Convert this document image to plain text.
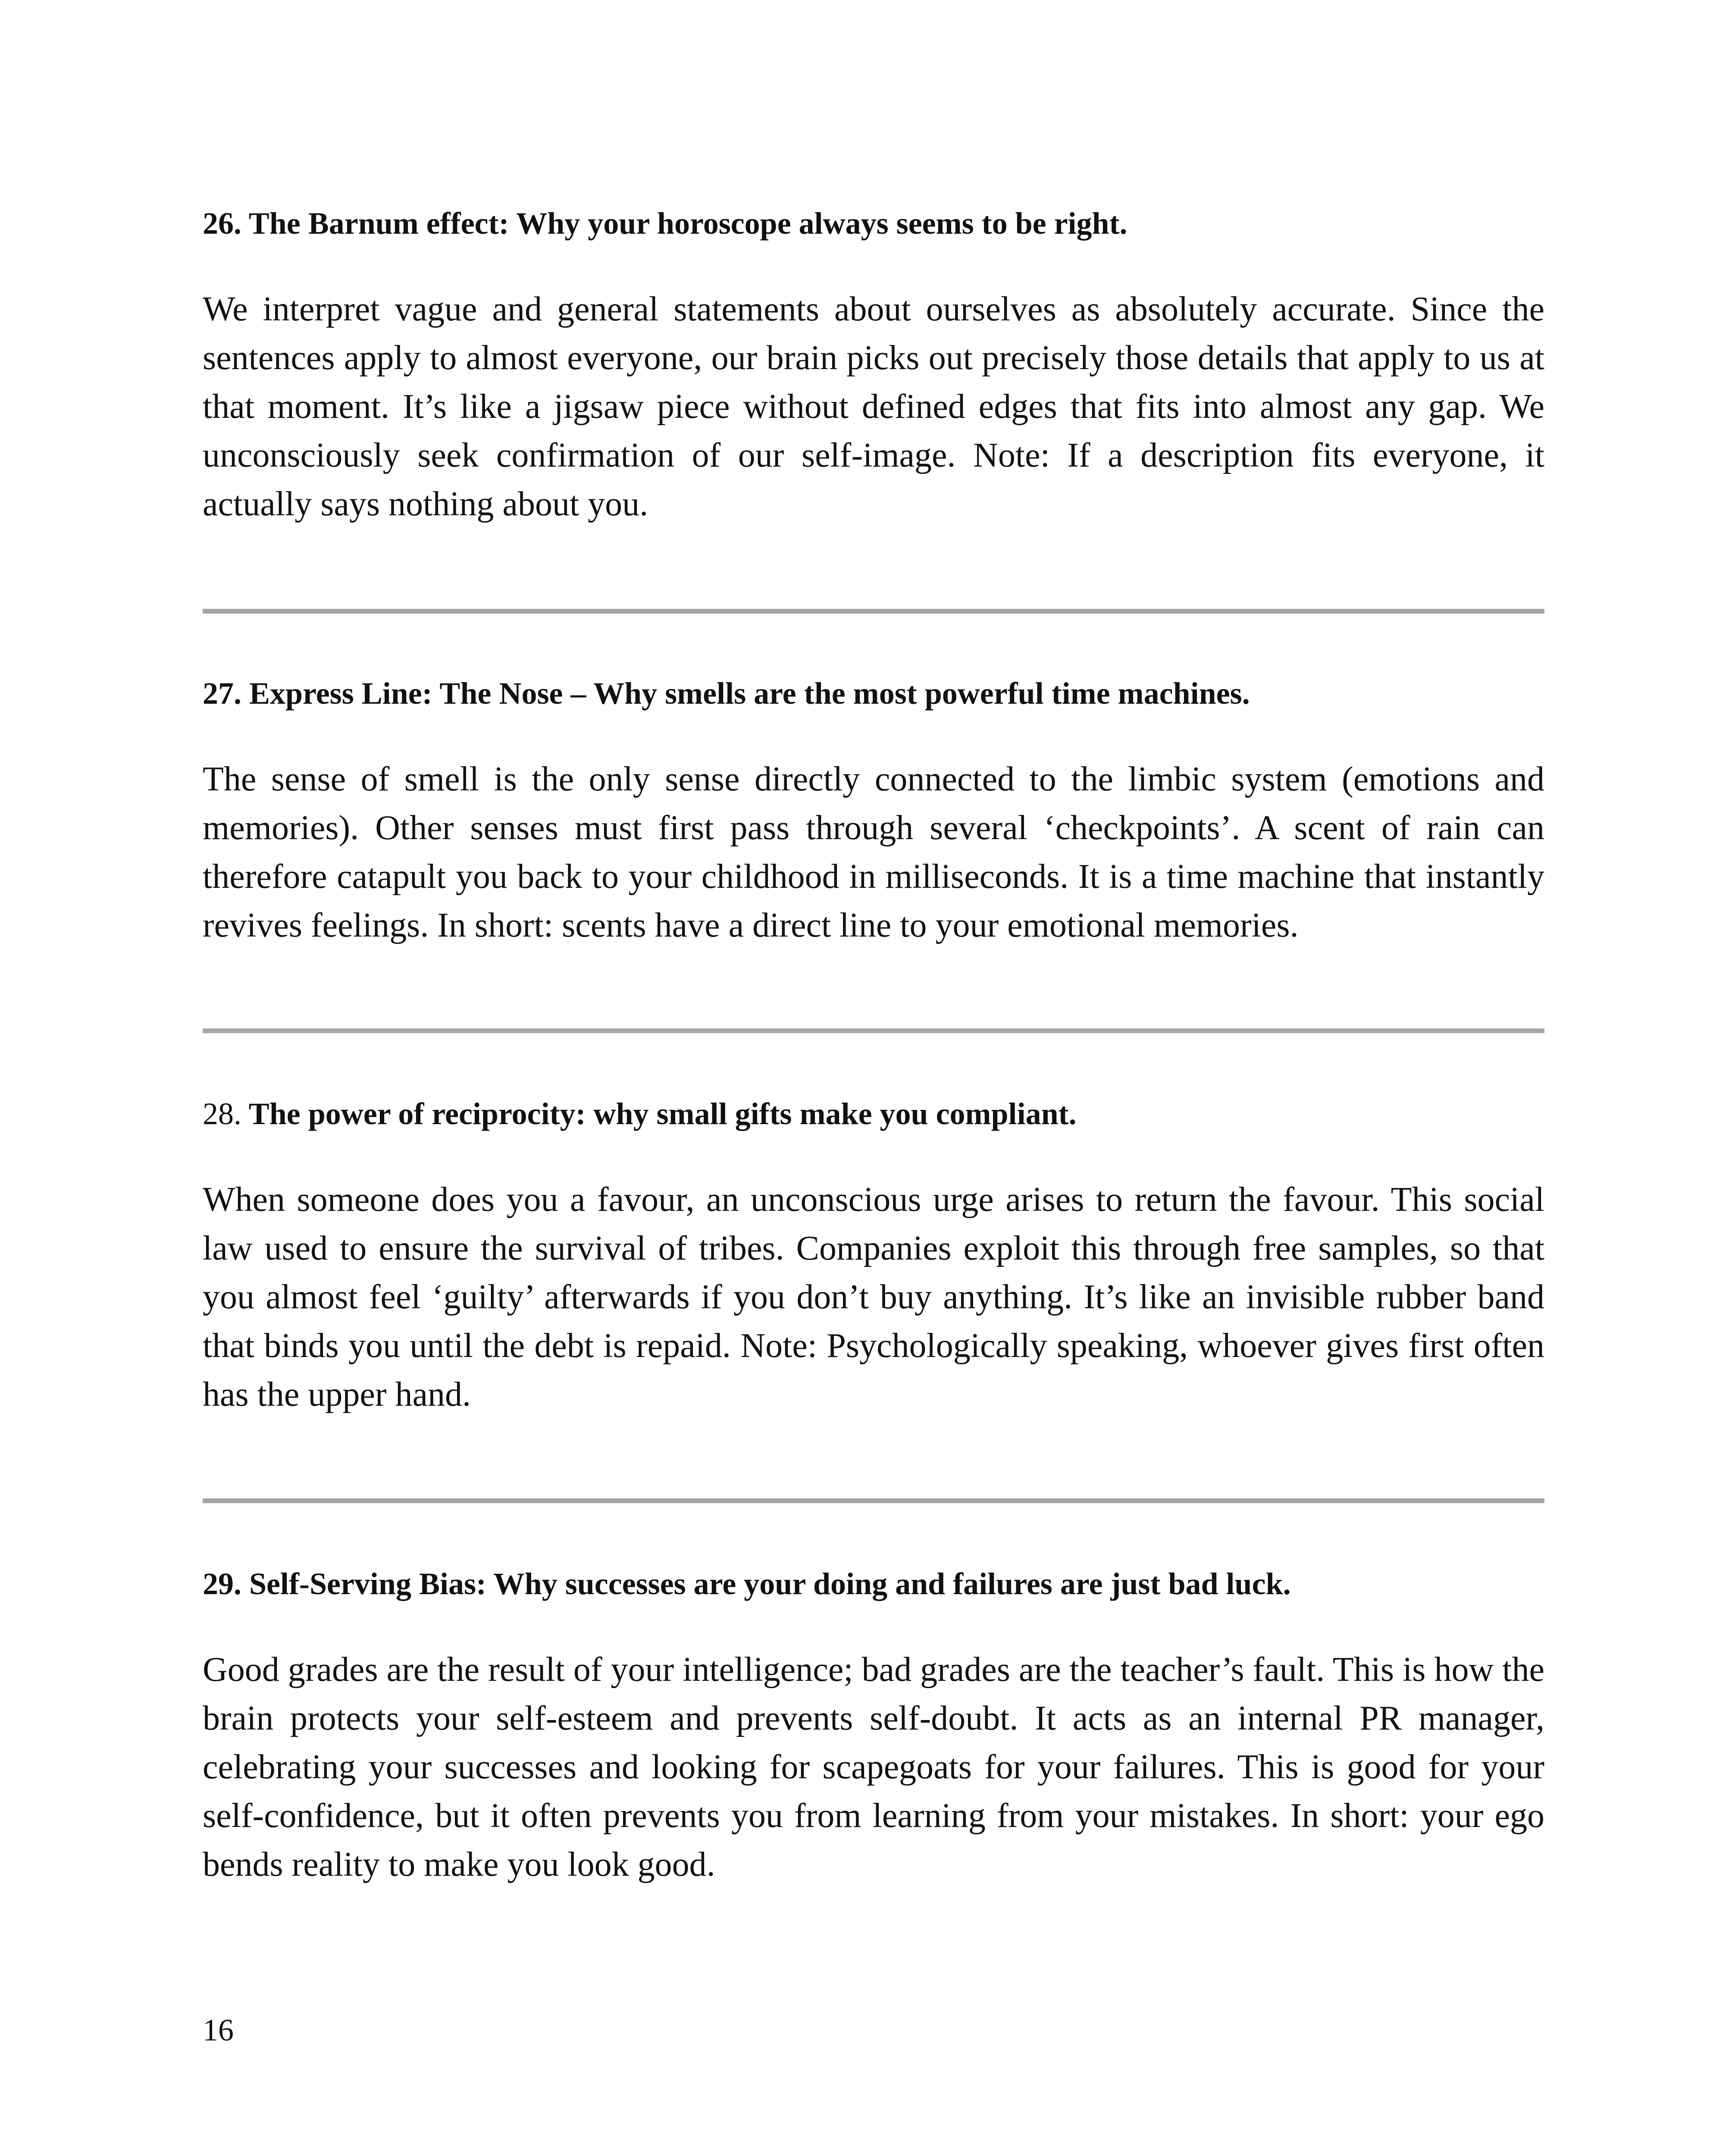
26. The Barnum effect: Why your horoscope always seems to be right.

We interpret vague and general statements about ourselves as absolutely accurate. Since the sentences apply to almost everyone, our brain picks out precisely those details that apply to us at that moment. It’s like a jigsaw piece without defined edges that fits into almost any gap. We unconsciously seek confirmation of our self-image. Note: If a description fits everyone, it actually says nothing about you.

27. Express Line: The Nose – Why smells are the most powerful time machines.

The sense of smell is the only sense directly connected to the limbic system (emotions and memories). Other senses must first pass through several ‘checkpoints’. A scent of rain can therefore catapult you back to your childhood in milliseconds. It is a time machine that instantly revives feelings. In short: scents have a direct line to your emotional memories.

28. The power of reciprocity: why small gifts make you compliant.

When someone does you a favour, an unconscious urge arises to return the favour. This social law used to ensure the survival of tribes. Companies exploit this through free samples, so that you almost feel ‘guilty’ afterwards if you don’t buy anything. It’s like an invisible rubber band that binds you until the debt is repaid. Note: Psychologically speaking, whoever gives first often has the upper hand.

29. Self-Serving Bias: Why successes are your doing and failures are just bad luck.

Good grades are the result of your intelligence; bad grades are the teacher’s fault. This is how the brain protects your self-esteem and prevents self-doubt. It acts as an internal PR manager, celebrating your successes and looking for scapegoats for your failures. This is good for your self-confidence, but it often prevents you from learning from your mistakes. In short: your ego bends reality to make you look good.

16
